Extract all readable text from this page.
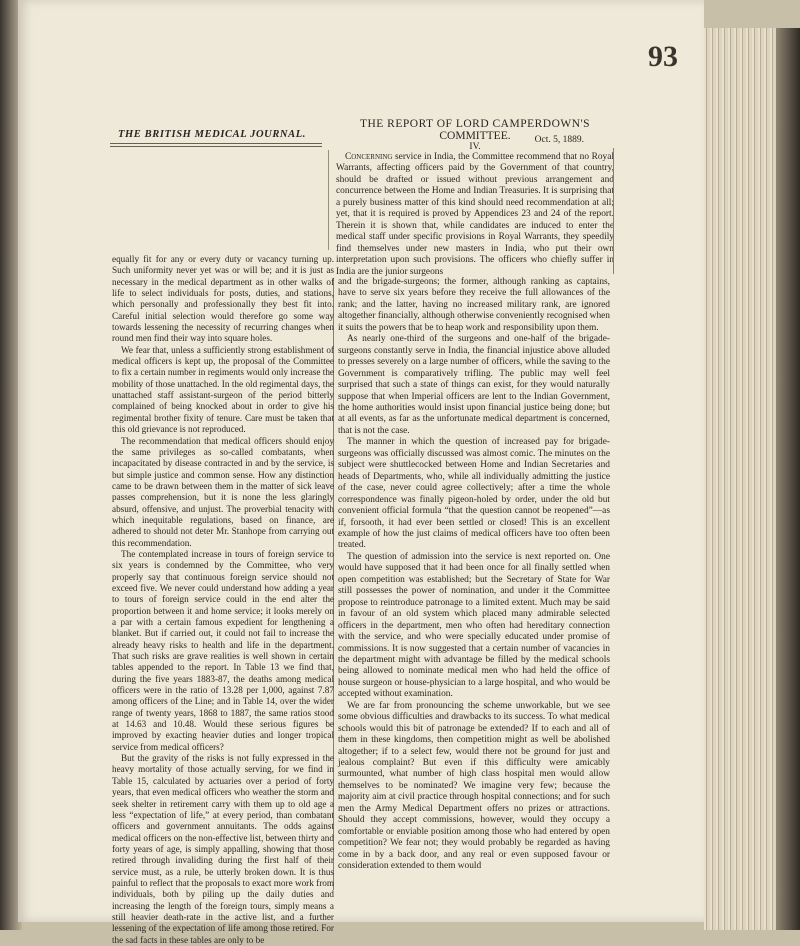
93
THE BRITISH MEDICAL JOURNAL.
THE REPORT OF LORD CAMPERDOWN'S
COMMITTEE.	Oct. 5, 1889.
IV.

Concerning service in India, the Committee recommend that no Royal Warrants, affecting officers paid by the Government of that country, should be drafted or issued without previous arrangement and concurrence between the Home and Indian Treasuries. It is surprising that a purely business matter of this kind should need recommendation at all; yet, that it is required is proved by Appendices 23 and 24 of the report. Therein it is shown that, while candidates are induced to enter the medical staff under specific provisions in Royal Warrants, they speedily find themselves under new masters in India, who put their own interpretation upon such provisions. The officers who chiefly suffer in India are the junior surgeons

equally fit for any or every duty or vacancy turning up. Such uniformity never yet was or will be; and it is just as necessary in the medical department as in other walks of life to select individuals for posts, duties, and stations, which personally and professionally they best fit into. Careful initial selection would therefore go some way towards lessening the necessity of recurring changes when round men find their way into square holes.

We fear that, unless a sufficiently strong establishment of medical officers is kept up, the proposal of the Committee to fix a certain number in regiments would only increase the mobility of those unattached. In the old regimental days, the unattached staff assistant-surgeon of the period bitterly complained of being knocked about in order to give his regimental brother fixity of tenure. Care must be taken that this old grievance is not reproduced.

The recommendation that medical officers should enjoy the same privileges as so-called combatants, when incapacitated by disease contracted in and by the service, is but simple justice and common sense. How any distinction came to be drawn between them in the matter of sick leave passes comprehension, but it is none the less glaringly absurd, offensive, and unjust. The proverbial tenacity with which inequitable regulations, based on finance, are adhered to should not deter Mr. Stanhope from carrying out this recommendation.

The contemplated increase in tours of foreign service to six years is condemned by the Committee, who very properly say that continuous foreign service should not exceed five. We never could understand how adding a year to tours of foreign service could in the end alter the proportion between it and home service; it looks merely on a par with a certain famous expedient for lengthening a blanket. But if carried out, it could not fail to increase the already heavy risks to health and life in the department. That such risks are grave realities is well shown in certain tables appended to the report. In Table 13 we find that, during the five years 1883-87, the deaths among medical officers were in the ratio of 13.28 per 1,000, against 7.87 among officers of the Line; and in Table 14, over the wider range of twenty years, 1868 to 1887, the same ratios stood at 14.63 and 10.48. Would these serious figures be improved by exacting heavier duties and longer tropical service from medical officers?

But the gravity of the risks is not fully expressed in the heavy mortality of those actually serving, for we find in Table 15, calculated by actuaries over a period of forty years, that even medical officers who weather the storm and seek shelter in retirement carry with them up to old age a less “expectation of life,” at every period, than combatant officers and government annuitants. The odds against medical officers on the non-effective list, between thirty and forty years of age, is simply appalling, showing that those retired through invaliding during the first half of their service must, as a rule, be utterly broken down. It is thus painful to reflect that the proposals to exact more work from individuals, both by piling up the daily duties and increasing the length of the foreign tours, simply means a still heavier death-rate in the active list, and a further lessening of the expectation of life among those retired. For the sad facts in these tables are only to be

and the brigade-surgeons; the former, although ranking as captains, have to serve six years before they receive the full allowances of the rank; and the latter, having no increased military rank, are ignored altogether financially, although otherwise conveniently recognised when it suits the powers that be to heap work and responsibility upon them.

As nearly one-third of the surgeons and one-half of the brigade-surgeons constantly serve in India, the financial injustice above alluded to presses severely on a large number of officers, while the saving to the Government is comparatively trifling. The public may well feel surprised that such a state of things can exist, for they would naturally suppose that when Imperial officers are lent to the Indian Government, the home authorities would insist upon financial justice being done; but at all events, as far as the unfortunate medical department is concerned, that is not the case.

The manner in which the question of increased pay for brigade-surgeons was officially discussed was almost comic. The minutes on the subject were shuttlecocked between Home and Indian Secretaries and heads of Departments, who, while all individually admitting the justice of the case, never could agree collectively; after a time the whole correspondence was finally pigeon-holed by order, under the old but convenient official formula “that the question cannot be reopened”—as if, forsooth, it had ever been settled or closed! This is an excellent example of how the just claims of medical officers have too often been treated.

The question of admission into the service is next reported on. One would have supposed that it had been once for all finally settled when open competition was established; but the Secretary of State for War still possesses the power of nomination, and under it the Committee propose to reintroduce patronage to a limited extent. Much may be said in favour of an old system which placed many admirable selected officers in the department, men who often had hereditary connection with the service, and who were specially educated under promise of commissions. It is now suggested that a certain number of vacancies in the department might with advantage be filled by the medical schools being allowed to nominate medical men who had held the office of house surgeon or house-physician to a large hospital, and who would be accepted without examination.

We are far from pronouncing the scheme unworkable, but we see some obvious difficulties and drawbacks to its success. To what medical schools would this bit of patronage be extended? If to each and all of them in these kingdoms, then competition might as well be abolished altogether; if to a select few, would there not be ground for just and jealous complaint? But even if this difficulty were amicably surmounted, what number of high class hospital men would allow themselves to be nominated? We imagine very few; because the majority aim at civil practice through hospital connections; and for such men the Army Medical Department offers no prizes or attractions. Should they accept commissions, however, would they occupy a comfortable or enviable position among those who had entered by open competition? We fear not; they would probably be regarded as having come in by a back door, and any real or even supposed favour or consideration extended to them would
